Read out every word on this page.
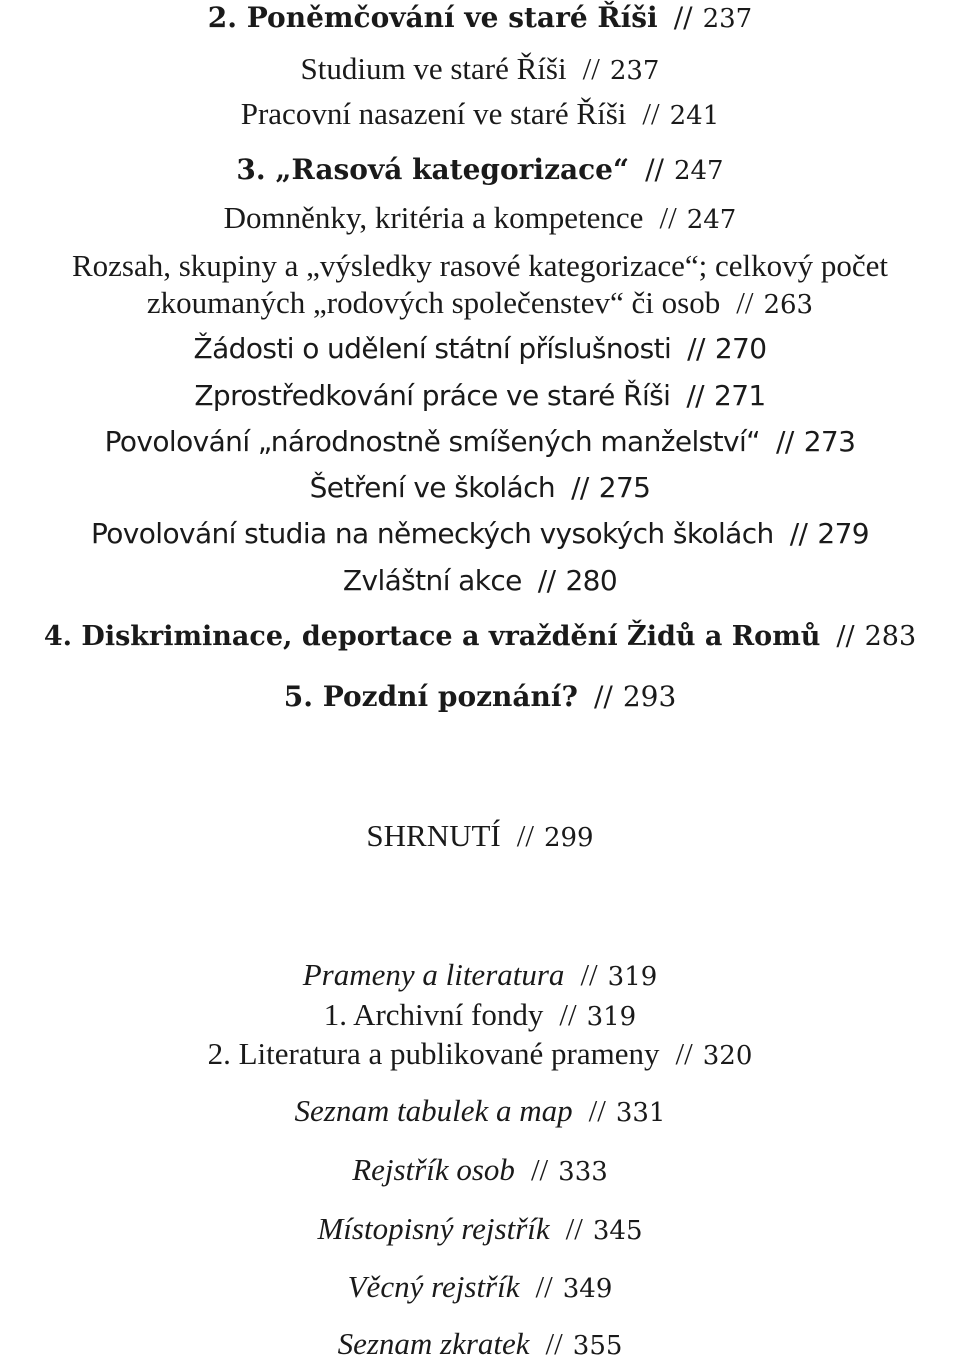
2. Poněmčování ve staré Říši // 237
Studium ve staré Říši // 237
Pracovní nasazení ve staré Říši // 241
3. „Rasová kategorizace“ // 247
Domněnky, kritéria a kompetence // 247
Rozsah, skupiny a „výsledky rasové kategorizace“; celkový počet
zkoumaných „rodových společenstev“ či osob // 263
Žádosti o udělení státní příslušnosti // 270
Zprostředkování práce ve staré Říši // 271
Povolování „národnostně smíšených manželství“ // 273
Šetření ve školách // 275
Povolování studia na německých vysokých školách // 279
Zvláštní akce // 280
4. Diskriminace, deportace a vraždění Židů a Romů // 283
5. Pozdní poznání? // 293
SHRNUTÍ // 299
Prameny a literatura // 319
1. Archivní fondy // 319
2. Literatura a publikované prameny // 320
Seznam tabulek a map // 331
Rejstřík osob // 333
Místopisný rejstřík // 345
Věcný rejstřík // 349
Seznam zkratek // 355
